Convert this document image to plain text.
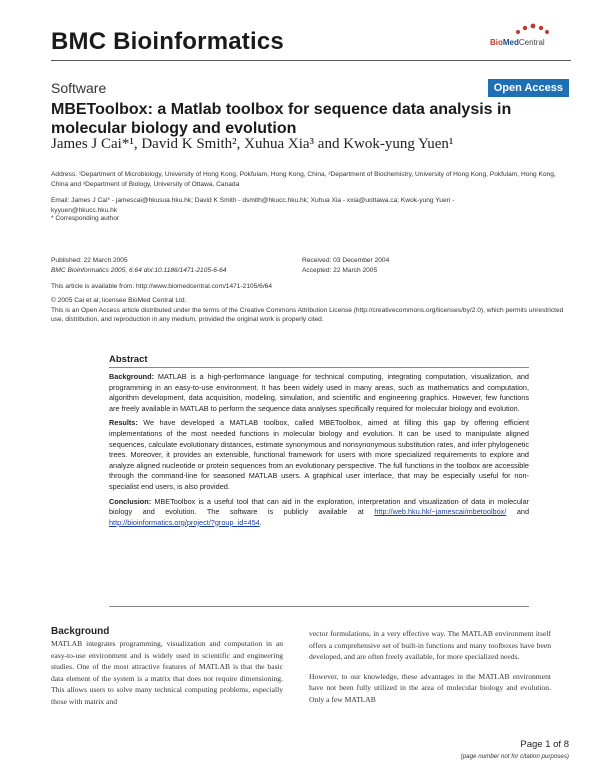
BMC Bioinformatics	BioMedCentral
Software	Open Access
MBEToolbox: a Matlab toolbox for sequence data analysis in molecular biology and evolution
James J Cai*¹, David K Smith², Xuhua Xia³ and Kwok-yung Yuen¹
Address: ¹Department of Microbiology, University of Hong Kong, Pokfulam, Hong Kong, China, ²Department of Biochemistry, University of Hong Kong, Pokfulam, Hong Kong, China and ³Department of Biology, University of Ottawa, Canada
Email: James J Cai* - jamescai@hkusua.hku.hk; David K Smith - dsmith@hkucc.hku.hk; Xuhua Xia - xxia@uottawa.ca; Kwok-yung Yuen - kyyuen@hkucc.hku.hk
* Corresponding author
Published: 22 March 2005
BMC Bioinformatics 2005, 6:64 doi:10.1186/1471-2105-6-64
Received: 03 December 2004
Accepted: 22 March 2005
This article is available from: http://www.biomedcentral.com/1471-2105/6/64
© 2005 Cai et al; licensee BioMed Central Ltd.
This is an Open Access article distributed under the terms of the Creative Commons Attribution License (http://creativecommons.org/licenses/by/2.0), which permits unrestricted use, distribution, and reproduction in any medium, provided the original work is properly cited.
Abstract

Background: MATLAB is a high-performance language for technical computing, integrating computation, visualization, and programming in an easy-to-use environment. It has been widely used in many areas, such as mathematics and computation, algorithm development, data acquisition, modeling, simulation, and scientific and engineering graphics. However, few functions are freely available in MATLAB to perform the sequence data analyses specifically required for molecular biology and evolution.

Results: We have developed a MATLAB toolbox, called MBEToolbox, aimed at filling this gap by offering efficient implementations of the most needed functions in molecular biology and evolution. It can be used to manipulate aligned sequences, calculate evolutionary distances, estimate synonymous and nonsynonymous substitution rates, and infer phylogenetic trees. Moreover, it provides an extensible, functional framework for users with more specialized requirements to explore and analyze aligned nucleotide or protein sequences from an evolutionary perspective. The full functions in the toolbox are accessible through the command-line for seasoned MATLAB users. A graphical user interface, that may be especially useful for non-specialist end users, is also provided.

Conclusion: MBEToolbox is a useful tool that can aid in the exploration, interpretation and visualization of data in molecular biology and evolution. The software is publicly available at http://web.hku.hk/~jamescai/mbetoolbox/ and http://bioinformatics.org/project/?group_id=454.

Background
MATLAB integrates programming, visualization and computation in an easy-to-use environment and is widely used in scientific and engineering studies. One of the most attractive features of MATLAB is that the basic data element of the system is a matrix that does not require dimensioning. This allows users to solve many technical computing problems, especially those with matrix and

vector formulations, in a very effective way. The MATLAB environment itself offers a comprehensive set of built-in functions and many toolboxes have been developed, and are often freely available, for more specialized needs.

However, to our knowledge, these advantages in the MATLAB environment have not been fully utilized in the area of molecular biology and evolution. Only a few MATLAB

Page 1 of 8
(page number not for citation purposes)
